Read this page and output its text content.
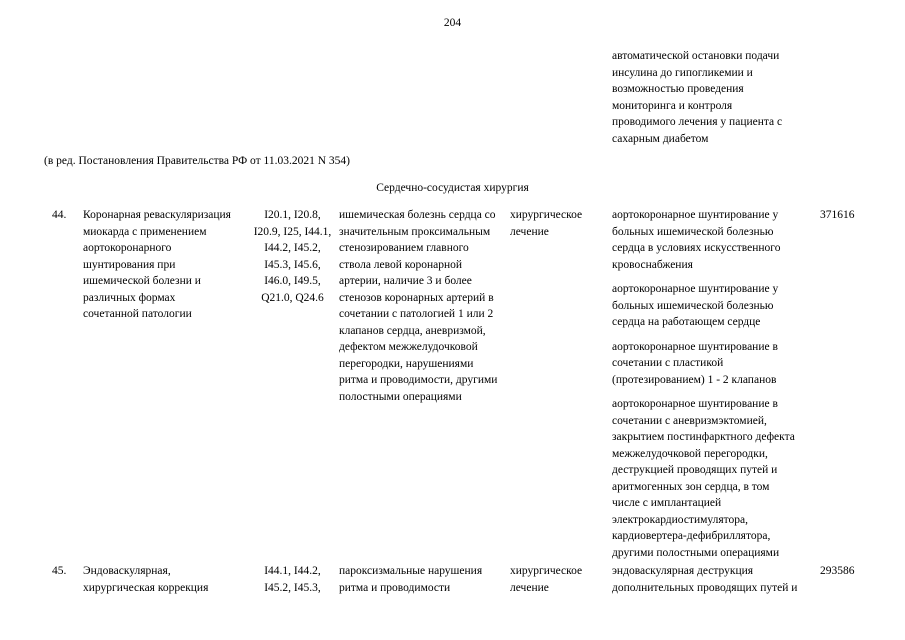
204
автоматической остановки подачи
инсулина до гипогликемии и
возможностью проведения
мониторинга и контроля
проводимого лечения у пациента с
сахарным диабетом
(в ред. Постановления Правительства РФ от 11.03.2021 N 354)
Сердечно-сосудистая хирургия
44. Коронарная реваскуляризация
миокарда с применением
аортокоронарного
шунтирования при
ишемической болезни и
различных формах
сочетанной патологии
I20.1, I20.8,
I20.9, I25, I44.1,
I44.2, I45.2,
I45.3, I45.6,
I46.0, I49.5,
Q21.0, Q24.6
ишемическая болезнь сердца со
значительным проксимальным
стенозированием главного
ствола левой коронарной
артерии, наличие 3 и более
стенозов коронарных артерий в
сочетании с патологией 1 или 2
клапанов сердца, аневризмой,
дефектом межжелудочковой
перегородки, нарушениями
ритма и проводимости, другими
полостными операциями
хирургическое
лечение
аортокоронарное шунтирование у
больных ишемической болезнью
сердца в условиях искусственного
кровоснабжения
аортокоронарное шунтирование у
больных ишемической болезнью
сердца на работающем сердце
аортокоронарное шунтирование в
сочетании с пластикой
(протезированием) 1 - 2 клапанов
аортокоронарное шунтирование в
сочетании с аневризмэктомией,
закрытием постинфарктного дефекта
межжелудочковой перегородки,
деструкцией проводящих путей и
аритмогенных зон сердца, в том
числе с имплантацией
электрокардиостимулятора,
кардиовертера-дефибриллятора,
другими полостными операциями
371616
45. Эндоваскулярная,
хирургическая коррекция
I44.1, I44.2,
I45.2, I45.3,
пароксизмальные нарушения
ритма и проводимости
хирургическое
лечение
эндоваскулярная деструкция
дополнительных проводящих путей и
293586
